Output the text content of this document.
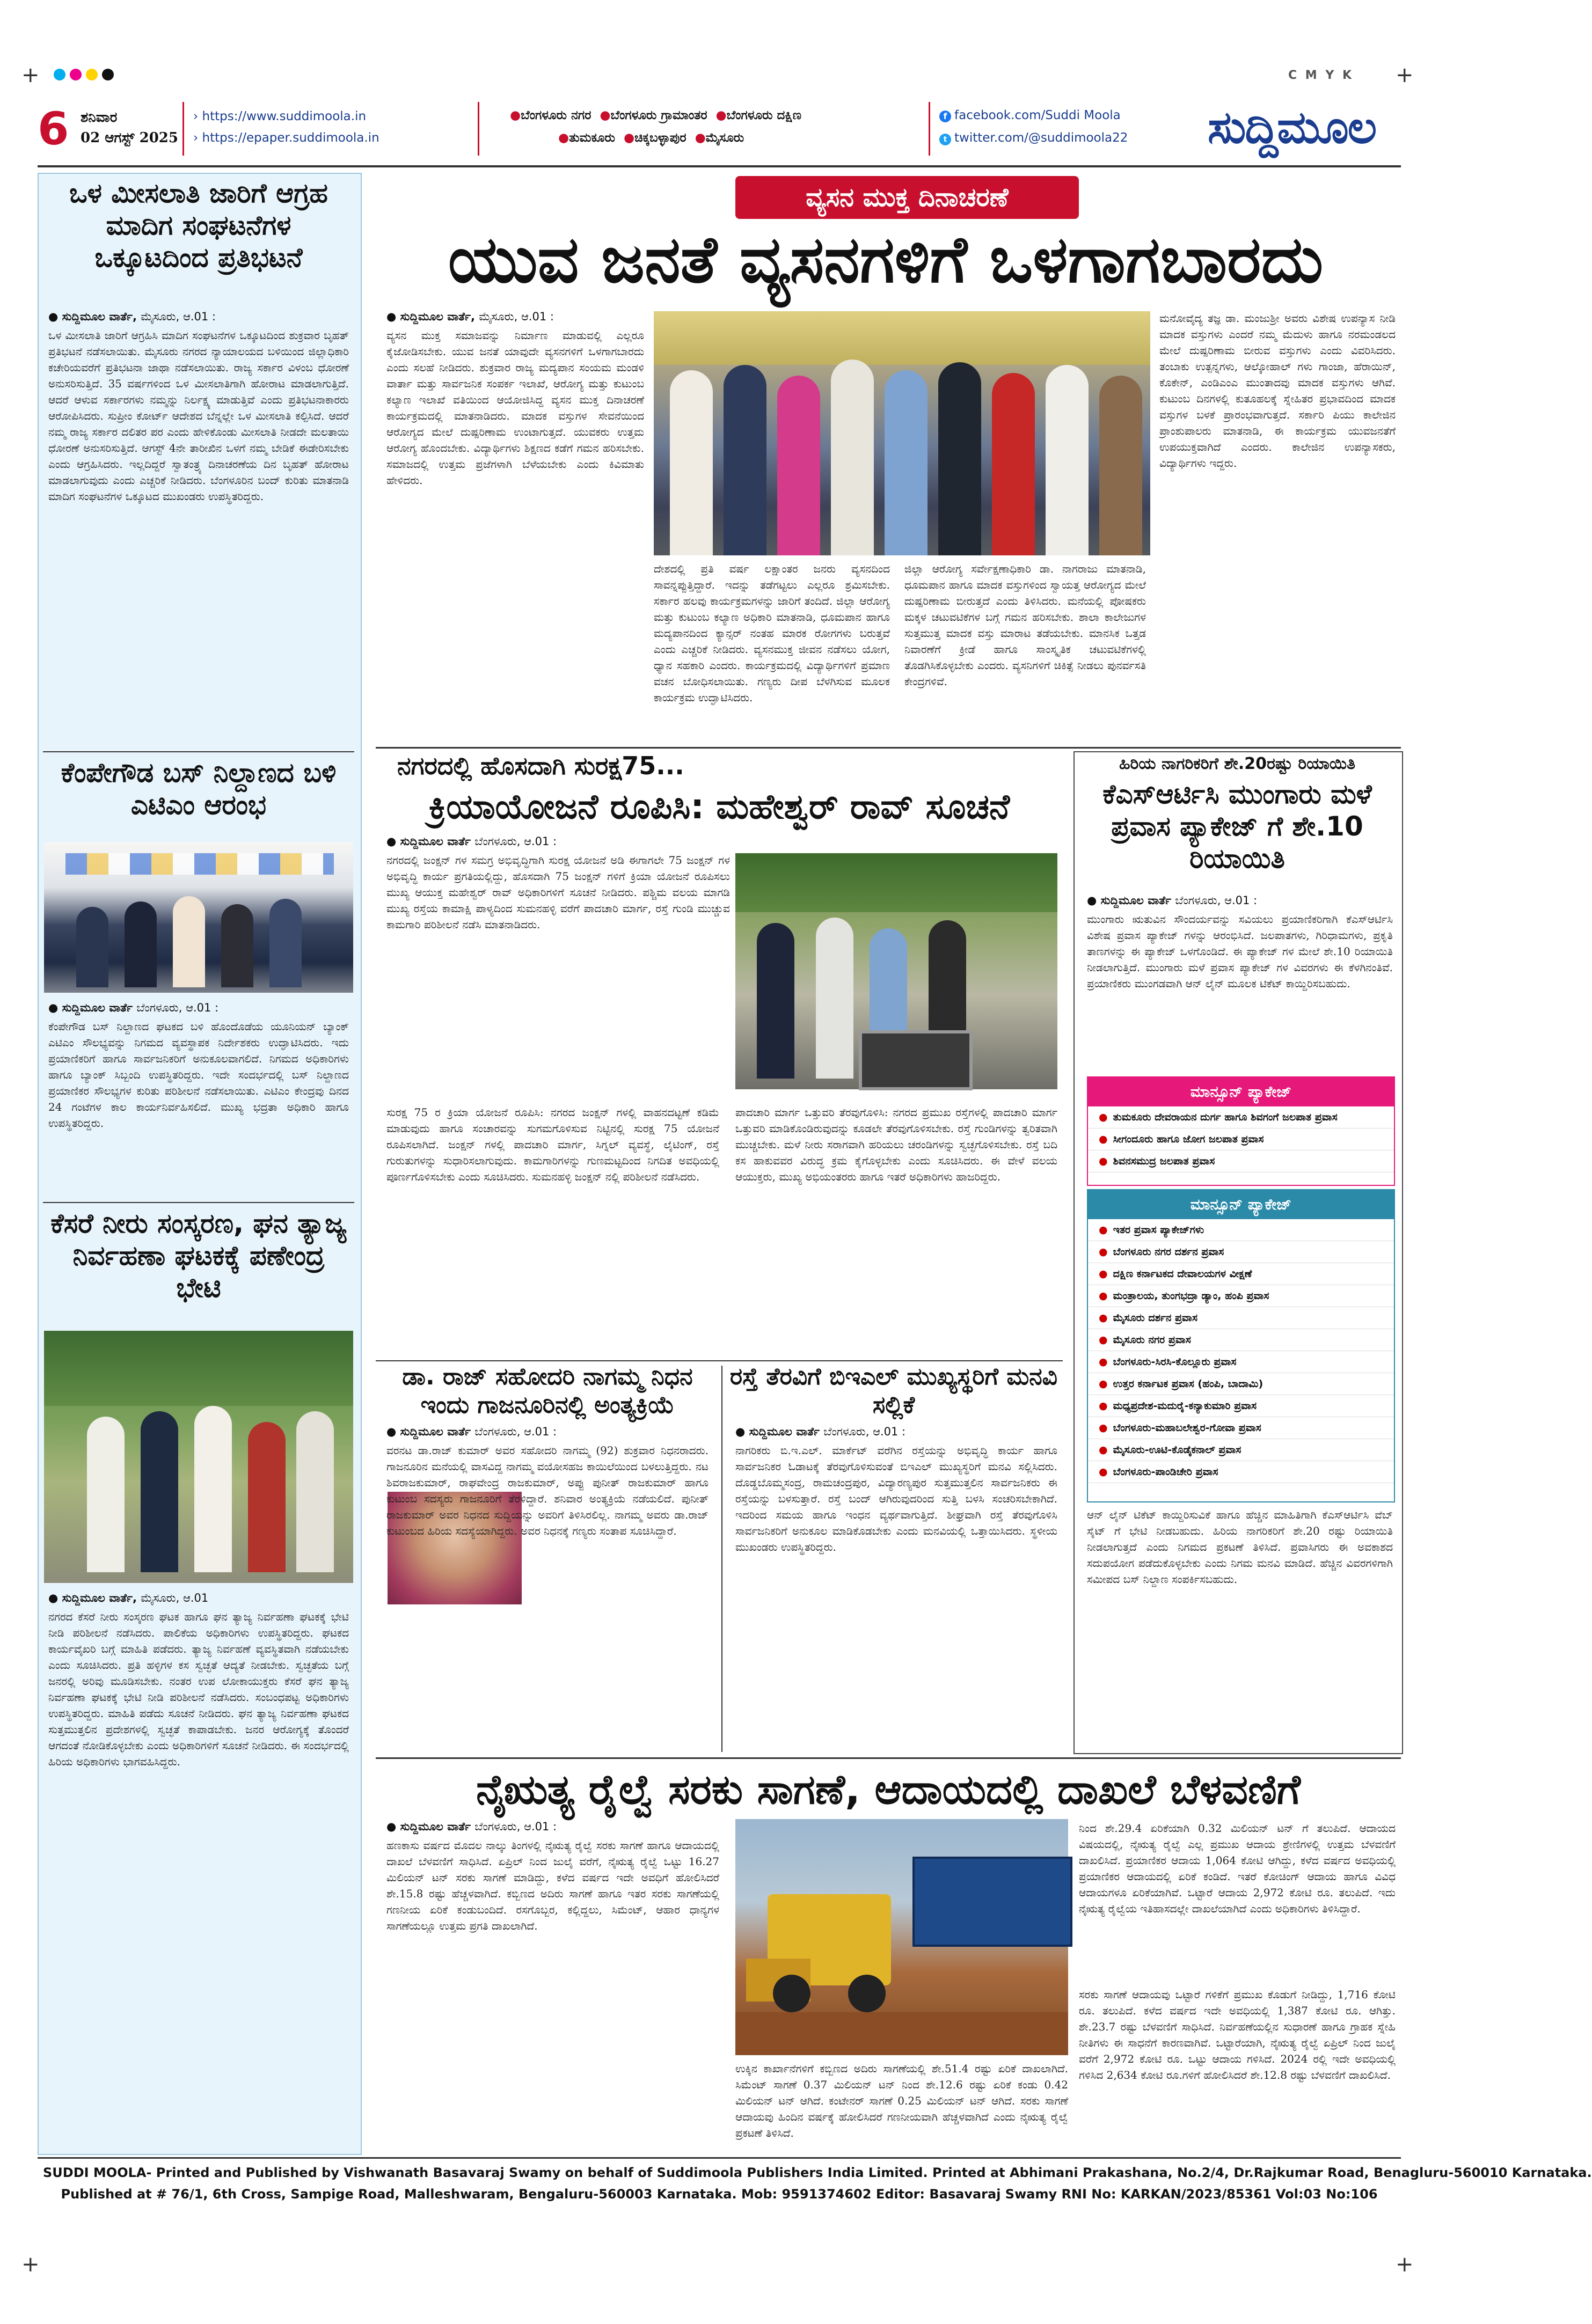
+	+
+	+
C M Y K
6 ಶನಿವಾರ
02 ಆಗಸ್ಟ್ 2025
› https://www.suddimoola.in
› https://epaper.suddimoola.in
●ಬೆಂಗಳೂರು ನಗರ ●ಬೆಂಗಳೂರು ಗ್ರಾಮಾಂತರ ●ಬೆಂಗಳೂರು ದಕ್ಷಿಣ
●ತುಮಕೂರು ●ಚಿಕ್ಕಬಳ್ಳಾಪುರ ●ಮೈಸೂರು
f facebook.com/Suddi Moola
t twitter.com/@suddimoola22 ಸುದ್ದಿಮೂಲ
ಒಳ ಮೀಸಲಾತಿ ಜಾರಿಗೆ ಆಗ್ರಹ ಮಾದಿಗ ಸಂಘಟನೆಗಳ ಒಕ್ಕೂಟದಿಂದ ಪ್ರತಿಭಟನೆ
● ಸುದ್ದಿಮೂಲ ವಾರ್ತೆ, ಮೈಸೂರು, ಆ.01 :
ಒಳ ಮೀಸಲಾತಿ ಜಾರಿಗೆ ಆಗ್ರಹಿಸಿ ಮಾದಿಗ ಸಂಘಟನೆಗಳ ಒಕ್ಕೂಟದಿಂದ ಶುಕ್ರವಾರ ಬೃಹತ್ ಪ್ರತಿಭಟನೆ ನಡೆಸಲಾಯಿತು. ಮೈಸೂರು ನಗರದ ನ್ಯಾಯಾಲಯದ ಬಳಿಯಿಂದ ಜಿಲ್ಲಾಧಿಕಾರಿ ಕಚೇರಿಯವರೆಗೆ ಪ್ರತಿಭಟನಾ ಜಾಥಾ ನಡೆಸಲಾಯಿತು. ರಾಜ್ಯ ಸರ್ಕಾರ ವಿಳಂಬ ಧೋರಣೆ ಅನುಸರಿಸುತ್ತಿದೆ. 35 ವರ್ಷಗಳಿಂದ ಒಳ ಮೀಸಲಾತಿಗಾಗಿ ಹೋರಾಟ ಮಾಡಲಾಗುತ್ತಿದೆ. ಆದರೆ ಆಳುವ ಸರ್ಕಾರಗಳು ನಮ್ಮನ್ನು ನಿರ್ಲಕ್ಷ್ಯ ಮಾಡುತ್ತಿವೆ ಎಂದು ಪ್ರತಿಭಟನಾಕಾರರು ಆರೋಪಿಸಿದರು. ಸುಪ್ರೀಂ ಕೋರ್ಟ್ ಆದೇಶದ ಬೆನ್ನಲ್ಲೇ ಒಳ ಮೀಸಲಾತಿ ಕಲ್ಪಿಸಿದೆ. ಆದರೆ ನಮ್ಮ ರಾಜ್ಯ ಸರ್ಕಾರ ದಲಿತರ ಪರ ಎಂದು ಹೇಳಿಕೊಂಡು ಮೀಸಲಾತಿ ನೀಡದೇ ಮಲತಾಯಿ ಧೋರಣೆ ಅನುಸರಿಸುತ್ತಿದೆ. ಆಗಸ್ಟ್ 4ನೇ ತಾರೀಖಿನ ಒಳಗೆ ನಮ್ಮ ಬೇಡಿಕೆ ಈಡೇರಿಸಬೇಕು ಎಂದು ಆಗ್ರಹಿಸಿದರು. ಇಲ್ಲದಿದ್ದರೆ ಸ್ವಾತಂತ್ರ್ಯ ದಿನಾಚರಣೆಯ ದಿನ ಬೃಹತ್ ಹೋರಾಟ ಮಾಡಲಾಗುವುದು ಎಂದು ಎಚ್ಚರಿಕೆ ನೀಡಿದರು. ಬೆಂಗಳೂರಿನ ಬಂದ್ ಕುರಿತು ಮಾತನಾಡಿ ಮಾದಿಗ ಸಂಘಟನೆಗಳ ಒಕ್ಕೂಟದ ಮುಖಂಡರು ಉಪಸ್ಥಿತರಿದ್ದರು.
ಕೆಂಪೇಗೌಡ ಬಸ್ ನಿಲ್ದಾಣದ ಬಳಿ ಎಟಿಎಂ ಆರಂಭ
● ಸುದ್ದಿಮೂಲ ವಾರ್ತೆ ಬೆಂಗಳೂರು, ಆ.01 :
ಕೆಂಪೇಗೌಡ ಬಸ್ ನಿಲ್ದಾಣದ ಘಟಕದ ಬಳಿ ಹೊಂದೊಡೆಯ ಯೂನಿಯನ್ ಬ್ಯಾಂಕ್ ಎಟಿಎಂ ಸೌಲಭ್ಯವನ್ನು ನಿಗಮದ ವ್ಯವಸ್ಥಾಪಕ ನಿರ್ದೇಶಕರು ಉದ್ಘಾಟಿಸಿದರು. ಇದು ಪ್ರಯಾಣಿಕರಿಗೆ ಹಾಗೂ ಸಾರ್ವಜನಿಕರಿಗೆ ಅನುಕೂಲವಾಗಲಿದೆ. ನಿಗಮದ ಅಧಿಕಾರಿಗಳು ಹಾಗೂ ಬ್ಯಾಂಕ್ ಸಿಬ್ಬಂದಿ ಉಪಸ್ಥಿತರಿದ್ದರು. ಇದೇ ಸಂದರ್ಭದಲ್ಲಿ ಬಸ್ ನಿಲ್ದಾಣದ ಪ್ರಯಾಣಿಕರ ಸೌಲಭ್ಯಗಳ ಕುರಿತು ಪರಿಶೀಲನೆ ನಡೆಸಲಾಯಿತು. ಎಟಿಎಂ ಕೇಂದ್ರವು ದಿನದ 24 ಗಂಟೆಗಳ ಕಾಲ ಕಾರ್ಯನಿರ್ವಹಿಸಲಿದೆ. ಮುಖ್ಯ ಭದ್ರತಾ ಅಧಿಕಾರಿ ಹಾಗೂ ಉಪಸ್ಥಿತರಿದ್ದರು.
ಕೆಸರೆ ನೀರು ಸಂಸ್ಕರಣ, ಘನ ತ್ಯಾಜ್ಯ ನಿರ್ವಹಣಾ ಘಟಕಕ್ಕೆ ಪಣೇಂದ್ರ ಭೇಟಿ
● ಸುದ್ದಿಮೂಲ ವಾರ್ತೆ, ಮೈಸೂರು, ಆ.01
ನಗರದ ಕೆಸರೆ ನೀರು ಸಂಸ್ಕರಣ ಘಟಕ ಹಾಗೂ ಘನ ತ್ಯಾಜ್ಯ ನಿರ್ವಹಣಾ ಘಟಕಕ್ಕೆ ಭೇಟಿ ನೀಡಿ ಪರಿಶೀಲನೆ ನಡೆಸಿದರು. ಪಾಲಿಕೆಯ ಅಧಿಕಾರಿಗಳು ಉಪಸ್ಥಿತರಿದ್ದರು. ಘಟಕದ ಕಾರ್ಯವೈಖರಿ ಬಗ್ಗೆ ಮಾಹಿತಿ ಪಡೆದರು. ತ್ಯಾಜ್ಯ ನಿರ್ವಹಣೆ ವ್ಯವಸ್ಥಿತವಾಗಿ ನಡೆಯಬೇಕು ಎಂದು ಸೂಚಿಸಿದರು. ಪ್ರತಿ ಹಳ್ಳಿಗಳ ಕಸ ಸ್ವಚ್ಛತೆ ಆದ್ಯತೆ ನೀಡಬೇಕು. ಸ್ವಚ್ಛತೆಯ ಬಗ್ಗೆ ಜನರಲ್ಲಿ ಅರಿವು ಮೂಡಿಸಬೇಕು. ನಂತರ ಉಪ ಲೋಕಾಯುಕ್ತರು ಕೆಸರೆ ಘನ ತ್ಯಾಜ್ಯ ನಿರ್ವಹಣಾ ಘಟಕಕ್ಕೆ ಭೇಟಿ ನೀಡಿ ಪರಿಶೀಲನೆ ನಡೆಸಿದರು. ಸಂಬಂಧಪಟ್ಟ ಅಧಿಕಾರಿಗಳು ಉಪಸ್ಥಿತರಿದ್ದರು. ಮಾಹಿತಿ ಪಡೆದು ಸೂಚನೆ ನೀಡಿದರು. ಘನ ತ್ಯಾಜ್ಯ ನಿರ್ವಹಣಾ ಘಟಕದ ಸುತ್ತಮುತ್ತಲಿನ ಪ್ರದೇಶಗಳಲ್ಲಿ ಸ್ವಚ್ಛತೆ ಕಾಪಾಡಬೇಕು. ಜನರ ಆರೋಗ್ಯಕ್ಕೆ ತೊಂದರೆ ಆಗದಂತೆ ನೋಡಿಕೊಳ್ಳಬೇಕು ಎಂದು ಅಧಿಕಾರಿಗಳಿಗೆ ಸೂಚನೆ ನೀಡಿದರು. ಈ ಸಂದರ್ಭದಲ್ಲಿ ಹಿರಿಯ ಅಧಿಕಾರಿಗಳು ಭಾಗವಹಿಸಿದ್ದರು.
ವ್ಯಸನ ಮುಕ್ತ ದಿನಾಚರಣೆ
ಯುವ ಜನತೆ ವ್ಯಸನಗಳಿಗೆ ಒಳಗಾಗಬಾರದು
● ಸುದ್ದಿಮೂಲ ವಾರ್ತೆ, ಮೈಸೂರು, ಆ.01 :
ವ್ಯಸನ ಮುಕ್ತ ಸಮಾಜವನ್ನು ನಿರ್ಮಾಣ ಮಾಡುವಲ್ಲಿ ಎಲ್ಲರೂ ಕೈಜೋಡಿಸಬೇಕು. ಯುವ ಜನತೆ ಯಾವುದೇ ವ್ಯಸನಗಳಿಗೆ ಒಳಗಾಗಬಾರದು ಎಂದು ಸಲಹೆ ನೀಡಿದರು. ಶುಕ್ರವಾರ ರಾಜ್ಯ ಮದ್ಯಪಾನ ಸಂಯಮ ಮಂಡಳಿ ವಾರ್ತಾ ಮತ್ತು ಸಾರ್ವಜನಿಕ ಸಂಪರ್ಕ ಇಲಾಖೆ, ಆರೋಗ್ಯ ಮತ್ತು ಕುಟುಂಬ ಕಲ್ಯಾಣ ಇಲಾಖೆ ವತಿಯಿಂದ ಆಯೋಜಿಸಿದ್ದ ವ್ಯಸನ ಮುಕ್ತ ದಿನಾಚರಣೆ ಕಾರ್ಯಕ್ರಮದಲ್ಲಿ ಮಾತನಾಡಿದರು. ಮಾದಕ ವಸ್ತುಗಳ ಸೇವನೆಯಿಂದ ಆರೋಗ್ಯದ ಮೇಲೆ ದುಷ್ಪರಿಣಾಮ ಉಂಟಾಗುತ್ತದೆ. ಯುವಕರು ಉತ್ತಮ ಆರೋಗ್ಯ ಹೊಂದಬೇಕು. ವಿದ್ಯಾರ್ಥಿಗಳು ಶಿಕ್ಷಣದ ಕಡೆಗೆ ಗಮನ ಹರಿಸಬೇಕು. ಸಮಾಜದಲ್ಲಿ ಉತ್ತಮ ಪ್ರಜೆಗಳಾಗಿ ಬೆಳೆಯಬೇಕು ಎಂದು ಕಿವಿಮಾತು ಹೇಳಿದರು.
ದೇಶದಲ್ಲಿ ಪ್ರತಿ ವರ್ಷ ಲಕ್ಷಾಂತರ ಜನರು ವ್ಯಸನದಿಂದ ಸಾವನ್ನಪ್ಪುತ್ತಿದ್ದಾರೆ. ಇದನ್ನು ತಡೆಗಟ್ಟಲು ಎಲ್ಲರೂ ಶ್ರಮಿಸಬೇಕು. ಸರ್ಕಾರ ಹಲವು ಕಾರ್ಯಕ್ರಮಗಳನ್ನು ಜಾರಿಗೆ ತಂದಿದೆ. ಜಿಲ್ಲಾ ಆರೋಗ್ಯ ಮತ್ತು ಕುಟುಂಬ ಕಲ್ಯಾಣ ಅಧಿಕಾರಿ ಮಾತನಾಡಿ, ಧೂಮಪಾನ ಹಾಗೂ ಮದ್ಯಪಾನದಿಂದ ಕ್ಯಾನ್ಸರ್ ನಂತಹ ಮಾರಕ ರೋಗಗಳು ಬರುತ್ತವೆ ಎಂದು ಎಚ್ಚರಿಕೆ ನೀಡಿದರು. ವ್ಯಸನಮುಕ್ತ ಜೀವನ ನಡೆಸಲು ಯೋಗ, ಧ್ಯಾನ ಸಹಕಾರಿ ಎಂದರು. ಕಾರ್ಯಕ್ರಮದಲ್ಲಿ ವಿದ್ಯಾರ್ಥಿಗಳಿಗೆ ಪ್ರಮಾಣ ವಚನ ಬೋಧಿಸಲಾಯಿತು. ಗಣ್ಯರು ದೀಪ ಬೆಳಗಿಸುವ ಮೂಲಕ ಕಾರ್ಯಕ್ರಮ ಉದ್ಘಾಟಿಸಿದರು.
ಜಿಲ್ಲಾ ಆರೋಗ್ಯ ಸರ್ವೇಕ್ಷಣಾಧಿಕಾರಿ ಡಾ. ನಾಗರಾಜು ಮಾತನಾಡಿ, ಧೂಮಪಾನ ಹಾಗೂ ಮಾದಕ ವಸ್ತುಗಳಿಂದ ಸ್ವಾಯತ್ತ ಆರೋಗ್ಯದ ಮೇಲೆ ದುಷ್ಪರಿಣಾಮ ಬೀರುತ್ತದೆ ಎಂದು ತಿಳಿಸಿದರು. ಮನೆಯಲ್ಲಿ ಪೋಷಕರು ಮಕ್ಕಳ ಚಟುವಟಿಕೆಗಳ ಬಗ್ಗೆ ಗಮನ ಹರಿಸಬೇಕು. ಶಾಲಾ ಕಾಲೇಜುಗಳ ಸುತ್ತಮುತ್ತ ಮಾದಕ ವಸ್ತು ಮಾರಾಟ ತಡೆಯಬೇಕು. ಮಾನಸಿಕ ಒತ್ತಡ ನಿವಾರಣೆಗೆ ಕ್ರೀಡೆ ಹಾಗೂ ಸಾಂಸ್ಕೃತಿಕ ಚಟುವಟಿಕೆಗಳಲ್ಲಿ ತೊಡಗಿಸಿಕೊಳ್ಳಬೇಕು ಎಂದರು. ವ್ಯಸನಿಗಳಿಗೆ ಚಿಕಿತ್ಸೆ ನೀಡಲು ಪುನರ್ವಸತಿ ಕೇಂದ್ರಗಳಿವೆ.
ಮನೋವೈದ್ಯ ತಜ್ಞ ಡಾ. ಮಂಜುಶ್ರೀ ಅವರು ವಿಶೇಷ ಉಪನ್ಯಾಸ ನೀಡಿ ಮಾದಕ ವಸ್ತುಗಳು ಎಂದರೆ ನಮ್ಮ ಮೆದುಳು ಹಾಗೂ ನರಮಂಡಲದ ಮೇಲೆ ದುಷ್ಪರಿಣಾಮ ಬೀರುವ ವಸ್ತುಗಳು ಎಂದು ವಿವರಿಸಿದರು. ತಂಬಾಕು ಉತ್ಪನ್ನಗಳು, ಆಲ್ಕೋಹಾಲ್ ಗಳು ಗಾಂಜಾ, ಹೆರಾಯಿನ್, ಕೊಕೇನ್, ಎಂಡಿಎಂಎ ಮುಂತಾದವು ಮಾದಕ ವಸ್ತುಗಳು ಆಗಿವೆ. ಕುಟುಂಬ ದಿನಗಳಲ್ಲಿ ಕುತೂಹಲಕ್ಕೆ ಸ್ನೇಹಿತರ ಪ್ರಭಾವದಿಂದ ಮಾದಕ ವಸ್ತುಗಳ ಬಳಕೆ ಪ್ರಾರಂಭವಾಗುತ್ತದೆ. ಸರ್ಕಾರಿ ಪಿಯು ಕಾಲೇಜಿನ ಪ್ರಾಂಶುಪಾಲರು ಮಾತನಾಡಿ, ಈ ಕಾರ್ಯಕ್ರಮ ಯುವಜನತೆಗೆ ಉಪಯುಕ್ತವಾಗಿದೆ ಎಂದರು. ಕಾಲೇಜಿನ ಉಪನ್ಯಾಸಕರು, ವಿದ್ಯಾರ್ಥಿಗಳು ಇದ್ದರು.
ನಗರದಲ್ಲಿ ಹೊಸದಾಗಿ ಸುರಕ್ಷ75...
ಕ್ರಿಯಾಯೋಜನೆ ರೂಪಿಸಿ: ಮಹೇಶ್ವರ್ ರಾವ್ ಸೂಚನೆ
● ಸುದ್ದಿಮೂಲ ವಾರ್ತೆ ಬೆಂಗಳೂರು, ಆ.01 :
ನಗರದಲ್ಲಿ ಜಂಕ್ಷನ್ ಗಳ ಸಮಗ್ರ ಅಭಿವೃದ್ಧಿಗಾಗಿ ಸುರಕ್ಷ ಯೋಜನೆ ಅಡಿ ಈಗಾಗಲೇ 75 ಜಂಕ್ಷನ್ ಗಳ ಅಭಿವೃದ್ಧಿ ಕಾರ್ಯ ಪ್ರಗತಿಯಲ್ಲಿದ್ದು, ಹೊಸದಾಗಿ 75 ಜಂಕ್ಷನ್ ಗಳಿಗೆ ಕ್ರಿಯಾ ಯೋಜನೆ ರೂಪಿಸಲು ಮುಖ್ಯ ಆಯುಕ್ತ ಮಹೇಶ್ವರ್ ರಾವ್ ಅಧಿಕಾರಿಗಳಿಗೆ ಸೂಚನೆ ನೀಡಿದರು. ಪಶ್ಚಿಮ ವಲಯ ಮಾಗಡಿ ಮುಖ್ಯ ರಸ್ತೆಯ ಕಾಮಾಕ್ಷಿ ಪಾಳ್ಯದಿಂದ ಸುಮನಹಳ್ಳಿ ವರೆಗೆ ಪಾದಚಾರಿ ಮಾರ್ಗ, ರಸ್ತೆ ಗುಂಡಿ ಮುಚ್ಚುವ ಕಾಮಗಾರಿ ಪರಿಶೀಲನೆ ನಡೆಸಿ ಮಾತನಾಡಿದರು.
ಸುರಕ್ಷ 75 ರ ಕ್ರಿಯಾ ಯೋಜನೆ ರೂಪಿಸಿ: ನಗರದ ಜಂಕ್ಷನ್ ಗಳಲ್ಲಿ ವಾಹನದಟ್ಟಣೆ ಕಡಿಮೆ ಮಾಡುವುದು ಹಾಗೂ ಸಂಚಾರವನ್ನು ಸುಗಮಗೊಳಿಸುವ ನಿಟ್ಟಿನಲ್ಲಿ ಸುರಕ್ಷ 75 ಯೋಜನೆ ರೂಪಿಸಲಾಗಿದೆ. ಜಂಕ್ಷನ್ ಗಳಲ್ಲಿ ಪಾದಚಾರಿ ಮಾರ್ಗ, ಸಿಗ್ನಲ್ ವ್ಯವಸ್ಥೆ, ಲೈಟಿಂಗ್, ರಸ್ತೆ ಗುರುತುಗಳನ್ನು ಸುಧಾರಿಸಲಾಗುವುದು. ಕಾಮಗಾರಿಗಳನ್ನು ಗುಣಮಟ್ಟದಿಂದ ನಿಗದಿತ ಅವಧಿಯಲ್ಲಿ ಪೂರ್ಣಗೊಳಿಸಬೇಕು ಎಂದು ಸೂಚಿಸಿದರು. ಸುಮನಹಳ್ಳಿ ಜಂಕ್ಷನ್ ನಲ್ಲಿ ಪರಿಶೀಲನೆ ನಡೆಸಿದರು.
ಪಾದಚಾರಿ ಮಾರ್ಗ ಒತ್ತುವರಿ ತೆರವುಗೊಳಿಸಿ: ನಗರದ ಪ್ರಮುಖ ರಸ್ತೆಗಳಲ್ಲಿ ಪಾದಚಾರಿ ಮಾರ್ಗ ಒತ್ತುವರಿ ಮಾಡಿಕೊಂಡಿರುವುದನ್ನು ಕೂಡಲೇ ತೆರವುಗೊಳಿಸಬೇಕು. ರಸ್ತೆ ಗುಂಡಿಗಳನ್ನು ತ್ವರಿತವಾಗಿ ಮುಚ್ಚಬೇಕು. ಮಳೆ ನೀರು ಸರಾಗವಾಗಿ ಹರಿಯಲು ಚರಂಡಿಗಳನ್ನು ಸ್ವಚ್ಛಗೊಳಿಸಬೇಕು. ರಸ್ತೆ ಬದಿ ಕಸ ಹಾಕುವವರ ವಿರುದ್ಧ ಕ್ರಮ ಕೈಗೊಳ್ಳಬೇಕು ಎಂದು ಸೂಚಿಸಿದರು. ಈ ವೇಳೆ ವಲಯ ಆಯುಕ್ತರು, ಮುಖ್ಯ ಅಭಿಯಂತರರು ಹಾಗೂ ಇತರೆ ಅಧಿಕಾರಿಗಳು ಹಾಜರಿದ್ದರು.
ಡಾ. ರಾಜ್ ಸಹೋದರಿ ನಾಗಮ್ಮ ನಿಧನ ಇಂದು ಗಾಜನೂರಿನಲ್ಲಿ ಅಂತ್ಯಕ್ರಿಯೆ
● ಸುದ್ದಿಮೂಲ ವಾರ್ತೆ ಬೆಂಗಳೂರು, ಆ.01 :
ವರನಟ ಡಾ.ರಾಜ್ ಕುಮಾರ್ ಅವರ ಸಹೋದರಿ ನಾಗಮ್ಮ (92) ಶುಕ್ರವಾರ ನಿಧನರಾದರು. ಗಾಜನೂರಿನ ಮನೆಯಲ್ಲಿ ವಾಸವಿದ್ದ ನಾಗಮ್ಮ ವಯೋಸಹಜ ಕಾಯಿಲೆಯಿಂದ ಬಳಲುತ್ತಿದ್ದರು. ನಟ ಶಿವರಾಜಕುಮಾರ್, ರಾಘವೇಂದ್ರ ರಾಜಕುಮಾರ್, ಅಪ್ಪು ಪುನೀತ್ ರಾಜಕುಮಾರ್ ಹಾಗೂ ಕುಟುಂಬ ಸದಸ್ಯರು ಗಾಜನೂರಿಗೆ ತೆರಳಿದ್ದಾರೆ. ಶನಿವಾರ ಅಂತ್ಯಕ್ರಿಯೆ ನಡೆಯಲಿದೆ. ಪುನೀತ್ ರಾಜಕುಮಾರ್ ಅವರ ನಿಧನದ ಸುದ್ದಿಯನ್ನು ಅವರಿಗೆ ತಿಳಿಸಿರಲಿಲ್ಲ. ನಾಗಮ್ಮ ಅವರು ಡಾ.ರಾಜ್ ಕುಟುಂಬದ ಹಿರಿಯ ಸದಸ್ಯೆಯಾಗಿದ್ದರು. ಅವರ ನಿಧನಕ್ಕೆ ಗಣ್ಯರು ಸಂತಾಪ ಸೂಚಿಸಿದ್ದಾರೆ.
ರಸ್ತೆ ತೆರವಿಗೆ ಬಿಇಎಲ್ ಮುಖ್ಯಸ್ಥರಿಗೆ ಮನವಿ ಸಲ್ಲಿಕೆ
● ಸುದ್ದಿಮೂಲ ವಾರ್ತೆ ಬೆಂಗಳೂರು, ಆ.01 :
ನಾಗರಿಕರು ಬಿ.ಇ.ಎಲ್. ಮಾರ್ಕೆಟ್ ವರೆಗಿನ ರಸ್ತೆಯನ್ನು ಅಭಿವೃದ್ಧಿ ಕಾರ್ಯ ಹಾಗೂ ಸಾರ್ವಜನಿಕರ ಓಡಾಟಕ್ಕೆ ತೆರವುಗೊಳಿಸುವಂತೆ ಬಿಇಎಲ್ ಮುಖ್ಯಸ್ಥರಿಗೆ ಮನವಿ ಸಲ್ಲಿಸಿದರು. ದೊಡ್ಡಬೊಮ್ಮಸಂದ್ರ, ರಾಮಚಂದ್ರಪುರ, ವಿದ್ಯಾರಣ್ಯಪುರ ಸುತ್ತಮುತ್ತಲಿನ ಸಾರ್ವಜನಿಕರು ಈ ರಸ್ತೆಯನ್ನು ಬಳಸುತ್ತಾರೆ. ರಸ್ತೆ ಬಂದ್ ಆಗಿರುವುದರಿಂದ ಸುತ್ತಿ ಬಳಸಿ ಸಂಚರಿಸಬೇಕಾಗಿದೆ. ಇದರಿಂದ ಸಮಯ ಹಾಗೂ ಇಂಧನ ವ್ಯರ್ಥವಾಗುತ್ತಿದೆ. ಶೀಘ್ರವಾಗಿ ರಸ್ತೆ ತೆರವುಗೊಳಿಸಿ ಸಾರ್ವಜನಿಕರಿಗೆ ಅನುಕೂಲ ಮಾಡಿಕೊಡಬೇಕು ಎಂದು ಮನವಿಯಲ್ಲಿ ಒತ್ತಾಯಿಸಿದರು. ಸ್ಥಳೀಯ ಮುಖಂಡರು ಉಪಸ್ಥಿತರಿದ್ದರು.
ಹಿರಿಯ ನಾಗರಿಕರಿಗೆ ಶೇ.20ರಷ್ಟು ರಿಯಾಯಿತಿ
ಕೆಎಸ್ಆರ್ಟಿಸಿ ಮುಂಗಾರು ಮಳೆ ಪ್ರವಾಸ ಪ್ಯಾಕೇಜ್ ಗೆ ಶೇ.10 ರಿಯಾಯಿತಿ
● ಸುದ್ದಿಮೂಲ ವಾರ್ತೆ ಬೆಂಗಳೂರು, ಆ.01 :
ಮುಂಗಾರು ಋತುವಿನ ಸೌಂದರ್ಯವನ್ನು ಸವಿಯಲು ಪ್ರಯಾಣಿಕರಿಗಾಗಿ ಕೆಎಸ್ಆರ್ಟಿಸಿ ವಿಶೇಷ ಪ್ರವಾಸ ಪ್ಯಾಕೇಜ್ ಗಳನ್ನು ಆರಂಭಿಸಿದೆ. ಜಲಪಾತಗಳು, ಗಿರಿಧಾಮಗಳು, ಪ್ರಕೃತಿ ತಾಣಗಳನ್ನು ಈ ಪ್ಯಾಕೇಜ್ ಒಳಗೊಂಡಿದೆ. ಈ ಪ್ಯಾಕೇಜ್ ಗಳ ಮೇಲೆ ಶೇ.10 ರಿಯಾಯಿತಿ ನೀಡಲಾಗುತ್ತಿದೆ. ಮುಂಗಾರು ಮಳೆ ಪ್ರವಾಸ ಪ್ಯಾಕೇಜ್ ಗಳ ವಿವರಗಳು ಈ ಕೆಳಗಿನಂತಿವೆ. ಪ್ರಯಾಣಿಕರು ಮುಂಗಡವಾಗಿ ಆನ್ ಲೈನ್ ಮೂಲಕ ಟಿಕೆಟ್ ಕಾಯ್ದಿರಿಸಬಹುದು.
ಮಾನ್ಸೂನ್ ಪ್ಯಾಕೇಜ್
● ತುಮಕೂರು ದೇವರಾಯನ ದುರ್ಗ ಹಾಗೂ ಶಿವಗಂಗೆ ಜಲಪಾತ ಪ್ರವಾಸ
● ಸೀಗಂದೂರು ಹಾಗೂ ಜೋಗ ಜಲಪಾತ ಪ್ರವಾಸ
● ಶಿವನಸಮುದ್ರ ಜಲಪಾತ ಪ್ರವಾಸ
ಮಾನ್ಸೂನ್ ಪ್ಯಾಕೇಜ್
● ಇತರ ಪ್ರವಾಸ ಪ್ಯಾಕೇಜ್‌ಗಳು
● ಬೆಂಗಳೂರು ನಗರ ದರ್ಶನ ಪ್ರವಾಸ
● ದಕ್ಷಿಣ ಕರ್ನಾಟಕದ ದೇವಾಲಯಗಳ ವೀಕ್ಷಣೆ
● ಮಂತ್ರಾಲಯ, ತುಂಗಭದ್ರಾ ಡ್ಯಾಂ, ಹಂಪಿ ಪ್ರವಾಸ
● ಮೈಸೂರು ದರ್ಶನ ಪ್ರವಾಸ
● ಮೈಸೂರು ನಗರ ಪ್ರವಾಸ
● ಬೆಂಗಳೂರು-ಸಿರಸಿ-ಕೊಲ್ಲೂರು ಪ್ರವಾಸ
● ಉತ್ತರ ಕರ್ನಾಟಕ ಪ್ರವಾಸ (ಹಂಪಿ, ಬಾದಾಮಿ)
● ಮಧ್ಯಪ್ರದೇಶ-ಮದುರೈ-ಕನ್ಯಾಕುಮಾರಿ ಪ್ರವಾಸ
● ಬೆಂಗಳೂರು-ಮಹಾಬಲೇಶ್ವರ-ಗೋವಾ ಪ್ರವಾಸ
● ಮೈಸೂರು-ಊಟಿ-ಕೊಡೈಕನಾಲ್ ಪ್ರವಾಸ
● ಬೆಂಗಳೂರು-ಪಾಂಡಿಚೇರಿ ಪ್ರವಾಸ
ಆನ್ ಲೈನ್ ಟಿಕೆಟ್ ಕಾಯ್ದಿರಿಸುವಿಕೆ ಹಾಗೂ ಹೆಚ್ಚಿನ ಮಾಹಿತಿಗಾಗಿ ಕೆಎಸ್ಆರ್ಟಿಸಿ ವೆಬ್ ಸೈಟ್ ಗೆ ಭೇಟಿ ನೀಡಬಹುದು. ಹಿರಿಯ ನಾಗರಿಕರಿಗೆ ಶೇ.20 ರಷ್ಟು ರಿಯಾಯಿತಿ ನೀಡಲಾಗುತ್ತದೆ ಎಂದು ನಿಗಮದ ಪ್ರಕಟಣೆ ತಿಳಿಸಿದೆ. ಪ್ರವಾಸಿಗರು ಈ ಅವಕಾಶದ ಸದುಪಯೋಗ ಪಡೆದುಕೊಳ್ಳಬೇಕು ಎಂದು ನಿಗಮ ಮನವಿ ಮಾಡಿದೆ. ಹೆಚ್ಚಿನ ವಿವರಗಳಿಗಾಗಿ ಸಮೀಪದ ಬಸ್ ನಿಲ್ದಾಣ ಸಂಪರ್ಕಿಸಬಹುದು.
ನೈಋತ್ಯ ರೈಲ್ವೆ ಸರಕು ಸಾಗಣೆ, ಆದಾಯದಲ್ಲಿ ದಾಖಲೆ ಬೆಳವಣಿಗೆ
● ಸುದ್ದಿಮೂಲ ವಾರ್ತೆ ಬೆಂಗಳೂರು, ಆ.01 :
ಹಣಕಾಸು ವರ್ಷದ ಮೊದಲ ನಾಲ್ಕು ತಿಂಗಳಲ್ಲಿ ನೈಋತ್ಯ ರೈಲ್ವೆ ಸರಕು ಸಾಗಣೆ ಹಾಗೂ ಆದಾಯದಲ್ಲಿ ದಾಖಲೆ ಬೆಳವಣಿಗೆ ಸಾಧಿಸಿದೆ. ಏಪ್ರಿಲ್ ನಿಂದ ಜುಲೈ ವರೆಗೆ, ನೈಋತ್ಯ ರೈಲ್ವೆ ಒಟ್ಟು 16.27 ಮಿಲಿಯನ್ ಟನ್ ಸರಕು ಸಾಗಣೆ ಮಾಡಿದ್ದು, ಕಳೆದ ವರ್ಷದ ಇದೇ ಅವಧಿಗೆ ಹೋಲಿಸಿದರೆ ಶೇ.15.8 ರಷ್ಟು ಹೆಚ್ಚಳವಾಗಿದೆ. ಕಬ್ಬಿಣದ ಅದಿರು ಸಾಗಣೆ ಹಾಗೂ ಇತರ ಸರಕು ಸಾಗಣೆಯಲ್ಲಿ ಗಣನೀಯ ಏರಿಕೆ ಕಂಡುಬಂದಿದೆ. ರಸಗೊಬ್ಬರ, ಕಲ್ಲಿದ್ದಲು, ಸಿಮೆಂಟ್, ಆಹಾರ ಧಾನ್ಯಗಳ ಸಾಗಣೆಯಲ್ಲೂ ಉತ್ತಮ ಪ್ರಗತಿ ದಾಖಲಾಗಿದೆ.
ಉಕ್ಕಿನ ಕಾರ್ಖಾನೆಗಳಿಗೆ ಕಬ್ಬಿಣದ ಅದಿರು ಸಾಗಣೆಯಲ್ಲಿ ಶೇ.51.4 ರಷ್ಟು ಏರಿಕೆ ದಾಖಲಾಗಿದೆ. ಸಿಮೆಂಟ್ ಸಾಗಣೆ 0.37 ಮಿಲಿಯನ್ ಟನ್ ನಿಂದ ಶೇ.12.6 ರಷ್ಟು ಏರಿಕೆ ಕಂಡು 0.42 ಮಿಲಿಯನ್ ಟನ್ ಆಗಿದೆ. ಕಂಟೇನರ್ ಸಾಗಣೆ 0.25 ಮಿಲಿಯನ್ ಟನ್ ಆಗಿದೆ. ಸರಕು ಸಾಗಣೆ ಆದಾಯವು ಹಿಂದಿನ ವರ್ಷಕ್ಕೆ ಹೋಲಿಸಿದರೆ ಗಣನೀಯವಾಗಿ ಹೆಚ್ಚಳವಾಗಿದೆ ಎಂದು ನೈಋತ್ಯ ರೈಲ್ವೆ ಪ್ರಕಟಣೆ ತಿಳಿಸಿದೆ.
ನಿಂದ ಶೇ.29.4 ಏರಿಕೆಯಾಗಿ 0.32 ಮಿಲಿಯನ್ ಟನ್ ಗೆ ತಲುಪಿದೆ. ಆದಾಯದ ವಿಷಯದಲ್ಲಿ, ನೈಋತ್ಯ ರೈಲ್ವೆ ಎಲ್ಲ ಪ್ರಮುಖ ಆದಾಯ ಶ್ರೇಣಿಗಳಲ್ಲಿ ಉತ್ತಮ ಬೆಳವಣಿಗೆ ದಾಖಲಿಸಿದೆ. ಪ್ರಯಾಣಿಕರ ಆದಾಯ 1,064 ಕೋಟಿ ಆಗಿದ್ದು, ಕಳೆದ ವರ್ಷದ ಅವಧಿಯಲ್ಲಿ ಪ್ರಯಾಣಿಕರ ಆದಾಯದಲ್ಲಿ ಏರಿಕೆ ಕಂಡಿದೆ. ಇತರೆ ಕೋಚಿಂಗ್ ಆದಾಯ ಹಾಗೂ ವಿವಿಧ ಆದಾಯಗಳೂ ಏರಿಕೆಯಾಗಿವೆ. ಒಟ್ಟಾರೆ ಆದಾಯ 2,972 ಕೋಟಿ ರೂ. ತಲುಪಿದೆ. ಇದು ನೈಋತ್ಯ ರೈಲ್ವೆಯ ಇತಿಹಾಸದಲ್ಲೇ ದಾಖಲೆಯಾಗಿದೆ ಎಂದು ಅಧಿಕಾರಿಗಳು ತಿಳಿಸಿದ್ದಾರೆ.
ಸರಕು ಸಾಗಣೆ ಆದಾಯವು ಒಟ್ಟಾರೆ ಗಳಿಕೆಗೆ ಪ್ರಮುಖ ಕೊಡುಗೆ ನೀಡಿದ್ದು, 1,716 ಕೋಟಿ ರೂ. ತಲುಪಿದೆ. ಕಳೆದ ವರ್ಷದ ಇದೇ ಅವಧಿಯಲ್ಲಿ 1,387 ಕೋಟಿ ರೂ. ಆಗಿತ್ತು. ಶೇ.23.7 ರಷ್ಟು ಬೆಳವಣಿಗೆ ಸಾಧಿಸಿದೆ. ನಿರ್ವಹಣೆಯಲ್ಲಿನ ಸುಧಾರಣೆ ಹಾಗೂ ಗ್ರಾಹಕ ಸ್ನೇಹಿ ನೀತಿಗಳು ಈ ಸಾಧನೆಗೆ ಕಾರಣವಾಗಿವೆ. ಒಟ್ಟಾರೆಯಾಗಿ, ನೈಋತ್ಯ ರೈಲ್ವೆ ಏಪ್ರಿಲ್ ನಿಂದ ಜುಲೈ ವರೆಗೆ 2,972 ಕೋಟಿ ರೂ. ಒಟ್ಟು ಆದಾಯ ಗಳಿಸಿದೆ. 2024 ರಲ್ಲಿ ಇದೇ ಅವಧಿಯಲ್ಲಿ ಗಳಿಸಿದ 2,634 ಕೋಟಿ ರೂ.ಗಳಿಗೆ ಹೋಲಿಸಿದರೆ ಶೇ.12.8 ರಷ್ಟು ಬೆಳವಣಿಗೆ ದಾಖಲಿಸಿದೆ.
SUDDI MOOLA- Printed and Published by Vishwanath Basavaraj Swamy on behalf of Suddimoola Publishers India Limited. Printed at Abhimani Prakashana, No.2/4, Dr.Rajkumar Road, Benagluru-560010 Karnataka.
Published at # 76/1, 6th Cross, Sampige Road, Malleshwaram, Bengaluru-560003 Karnataka. Mob: 9591374602 Editor: Basavaraj Swamy RNI No: KARKAN/2023/85361 Vol:03 No:106
